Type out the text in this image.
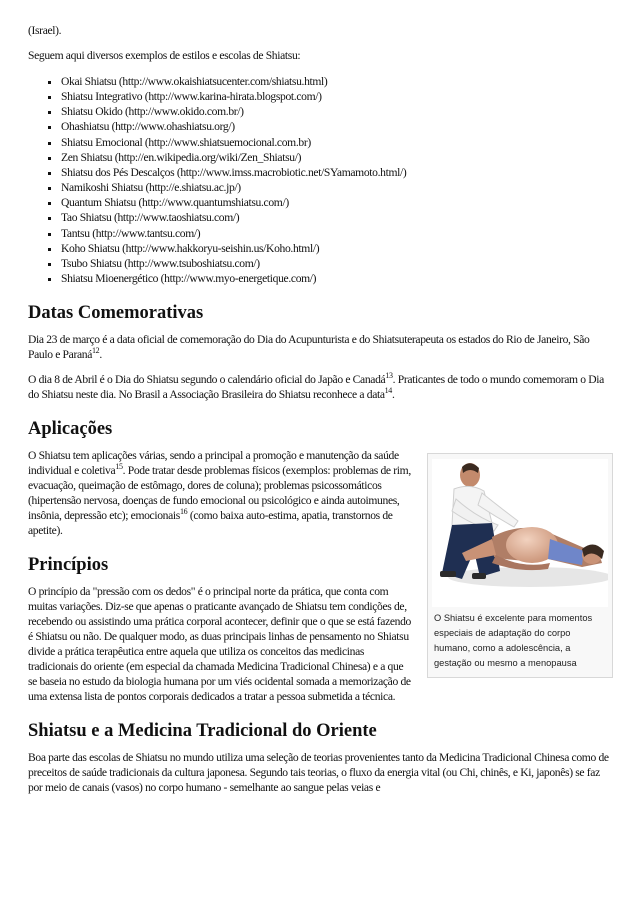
(Israel).

Seguem aqui diversos exemplos de estilos e escolas de Shiatsu:

▪ Okai Shiatsu (http://www.okaishiatsucenter.com/shiatsu.html)
▪ Shiatsu Integrativo (http://www.karina-hirata.blogspot.com/)
▪ Shiatsu Okido (http://www.okido.com.br/)
▪ Ohashiatsu (http://www.ohashiatsu.org/)
▪ Shiatsu Emocional (http://www.shiatsuemocional.com.br)
▪ Zen Shiatsu (http://en.wikipedia.org/wiki/Zen_Shiatsu/)
▪ Shiatsu dos Pés Descalços (http://www.imss.macrobiotic.net/SYamamoto.html/)
▪ Namikoshi Shiatsu (http://e.shiatsu.ac.jp/)
▪ Quantum Shiatsu (http://www.quantumshiatsu.com/)
▪ Tao Shiatsu (http://www.taoshiatsu.com/)
▪ Tantsu (http://www.tantsu.com/)
▪ Koho Shiatsu (http://www.hakkoryu-seishin.us/Koho.html/)
▪ Tsubo Shiatsu (http://www.tsuboshiatsu.com/)
▪ Shiatsu Mioenergético (http://www.myo-energetique.com/)
Datas Comemorativas

Dia 23 de março é a data oficial de comemoração do Dia do Acupunturista e do Shiatsuterapeuta os estados do Rio de Janeiro, São Paulo e Paraná$^{12}$.

O dia 8 de Abril é o Dia do Shiatsu segundo o calendário oficial do Japão e Canadá$^{13}$. Praticantes de todo o mundo comemoram o Dia do Shiatsu neste dia. No Brasil a Associação Brasileira do Shiatsu reconhece a data$^{14}$.

Aplicações
O Shiatsu é excelente para momentos especiais de adaptação do corpo humano, como a adolescência, a gestação ou mesmo a menopausa

O Shiatsu tem aplicações várias, sendo a principal a promoção e manutenção da saúde individual e coletiva$^{15}$. Pode tratar desde problemas físicos (exemplos: problemas de rim, evacuação, queimação de estômago, dores de coluna); problemas psicossomáticos (hipertensão nervosa, doenças de fundo emocional ou psicológico e ainda autoimunes, insônia, depressão etc); emocionais$^{16}$ (como baixa auto-estima, apatia, transtornos de apetite).

Princípios

O princípio da "pressão com os dedos" é o principal norte da prática, que conta com muitas variações. Diz-se que apenas o praticante avançado de Shiatsu tem condições de, recebendo ou assistindo uma prática corporal acontecer, definir que o que se está fazendo é Shiatsu ou não. De qualquer modo, as duas principais linhas de pensamento no Shiatsu divide a prática terapêutica entre aquela que utiliza os conceitos das medicinas tradicionais do oriente (em especial da chamada Medicina Tradicional Chinesa) e a que se baseia no estudo da biologia humana por um viés ocidental somada a memorização de uma extensa lista de pontos corporais dedicados a tratar a pessoa submetida a técnica.

Shiatsu e a Medicina Tradicional do Oriente

Boa parte das escolas de Shiatsu no mundo utiliza uma seleção de teorias provenientes tanto da Medicina Tradicional Chinesa como de preceitos de saúde tradicionais da cultura japonesa. Segundo tais teorias, o fluxo da energia vital (ou Chi, chinês, e Ki, japonês) se faz por meio de canais (vasos) no corpo humano - semelhante ao sangue pelas veias e
